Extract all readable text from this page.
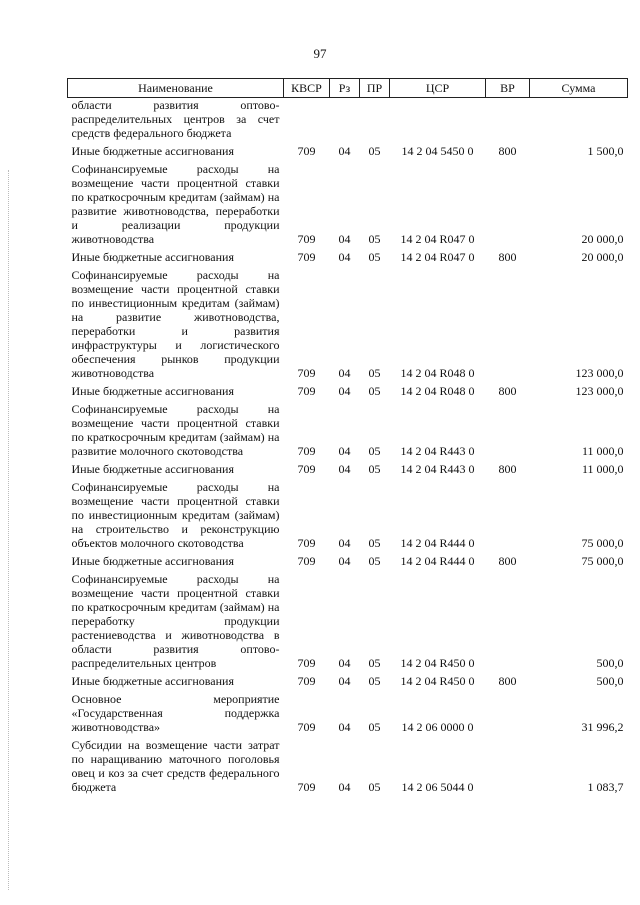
97
Наименование	КВСР	Рз	ПР	ЦСР	ВР	Сумма
области развития оптово-распределительных центров за счет средств федерального бюджета						
Иные бюджетные ассигнования	709	04	05	14 2 04 5450 0	800	1 500,0
Софинансируемые расходы на возмещение части процентной ставки по краткосрочным кредитам (займам) на развитие животноводства, переработки и реализации продукции животноводства	709	04	05	14 2 04 R047 0		20 000,0
Иные бюджетные ассигнования	709	04	05	14 2 04 R047 0	800	20 000,0
Софинансируемые расходы на возмещение части процентной ставки по инвестиционным кредитам (займам) на развитие животноводства, переработки и развития инфраструктуры и логистического обеспечения рынков продукции животноводства	709	04	05	14 2 04 R048 0		123 000,0
Иные бюджетные ассигнования	709	04	05	14 2 04 R048 0	800	123 000,0
Софинансируемые расходы на возмещение части процентной ставки по краткосрочным кредитам (займам) на развитие молочного скотоводства	709	04	05	14 2 04 R443 0		11 000,0
Иные бюджетные ассигнования	709	04	05	14 2 04 R443 0	800	11 000,0
Софинансируемые расходы на возмещение части процентной ставки по инвестиционным кредитам (займам) на строительство и реконструкцию объектов молочного скотоводства	709	04	05	14 2 04 R444 0		75 000,0
Иные бюджетные ассигнования	709	04	05	14 2 04 R444 0	800	75 000,0
Софинансируемые расходы на возмещение части процентной ставки по краткосрочным кредитам (займам) на переработку продукции растениеводства и животноводства в области развития оптово-распределительных центров	709	04	05	14 2 04 R450 0		500,0
Иные бюджетные ассигнования	709	04	05	14 2 04 R450 0	800	500,0
Основное мероприятие «Государственная поддержка животноводства»	709	04	05	14 2 06 0000 0		31 996,2
Субсидии на возмещение части затрат по наращиванию маточного поголовья овец и коз за счет средств федерального бюджета	709	04	05	14 2 06 5044 0		1 083,7
